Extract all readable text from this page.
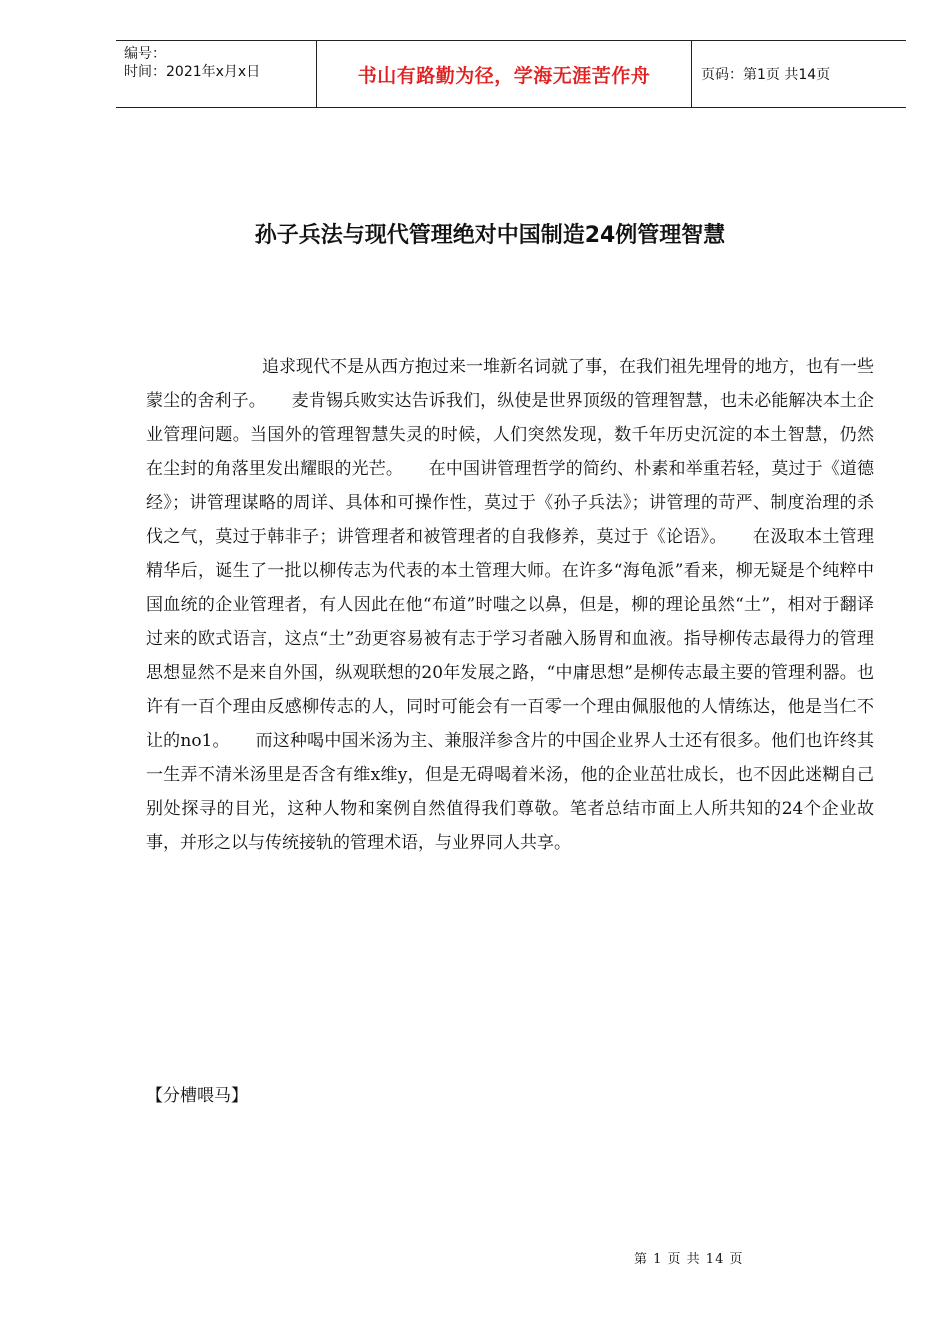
编号：
时间：2021年x月x日	书山有路勤为径，学海无涯苦作舟	页码：第1页 共14页
孙子兵法与现代管理绝对中国制造24例管理智慧
追求现代不是从西方抱过来一堆新名词就了事，在我们祖先埋骨的地方，也有一些蒙尘的舍利子。　　麦肯锡兵败实达告诉我们，纵使是世界顶级的管理智慧，也未必能解决本土企业管理问题。当国外的管理智慧失灵的时候，人们突然发现，数千年历史沉淀的本土智慧，仍然在尘封的角落里发出耀眼的光芒。　　在中国讲管理哲学的简约、朴素和举重若轻，莫过于《道德经》；讲管理谋略的周详、具体和可操作性，莫过于《孙子兵法》；讲管理的苛严、制度治理的杀伐之气，莫过于韩非子；讲管理者和被管理者的自我修养，莫过于《论语》。　　在汲取本土管理精华后，诞生了一批以柳传志为代表的本土管理大师。在许多“海龟派”看来，柳无疑是个纯粹中国血统的企业管理者，有人因此在他“布道”时嗤之以鼻，但是，柳的理论虽然“土”，相对于翻译过来的欧式语言，这点“土”劲更容易被有志于学习者融入肠胃和血液。指导柳传志最得力的管理思想显然不是来自外国，纵观联想的20年发展之路，“中庸思想”是柳传志最主要的管理利器。也许有一百个理由反感柳传志的人，同时可能会有一百零一个理由佩服他的人情练达，他是当仁不让的no1。　　而这种喝中国米汤为主、兼服洋参含片的中国企业界人士还有很多。他们也许终其一生弄不清米汤里是否含有维x维y，但是无碍喝着米汤，他的企业茁壮成长，也不因此迷糊自己别处探寻的目光，这种人物和案例自然值得我们尊敬。笔者总结市面上人所共知的24个企业故事，并形之以与传统接轨的管理术语，与业界同人共享。
【分槽喂马】
第 1 页 共 14 页
